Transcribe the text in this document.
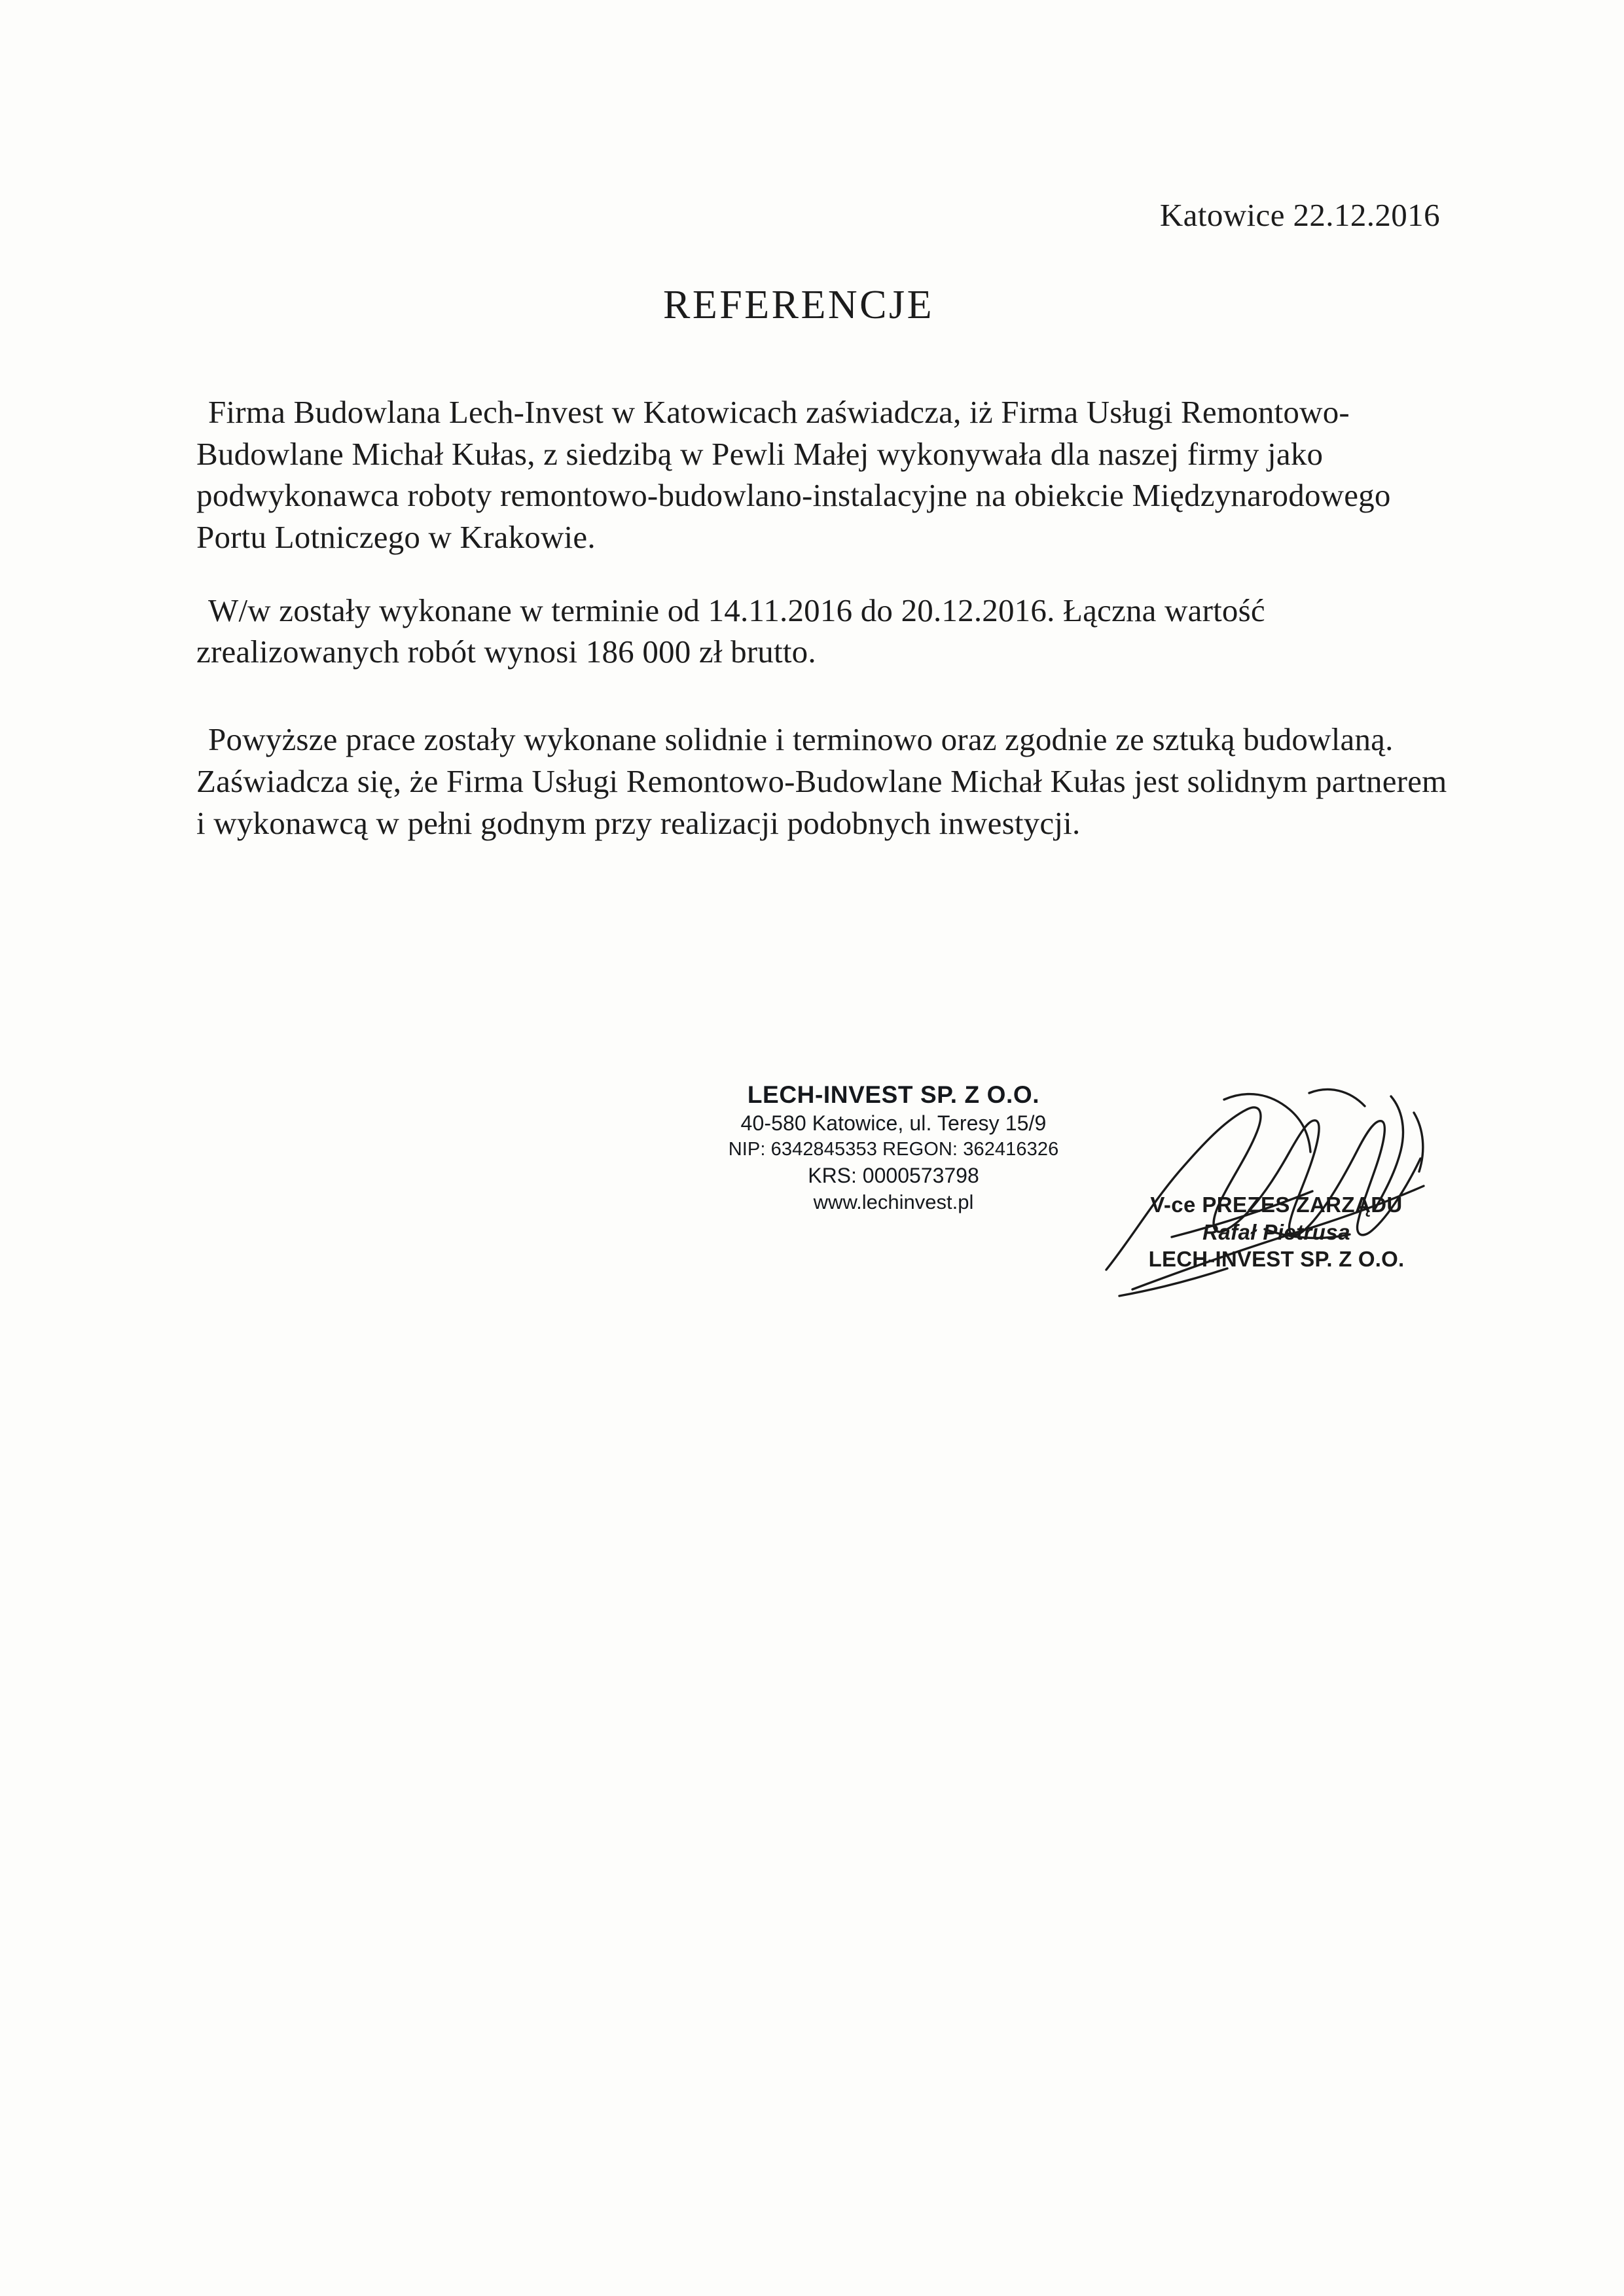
Katowice 22.12.2016
REFERENCJE

Firma Budowlana Lech-Invest w Katowicach zaświadcza, iż Firma Usługi Remontowo-Budowlane Michał Kułas, z siedzibą w Pewli Małej wykonywała dla naszej firmy jako podwykonawca roboty remontowo-budowlano-instalacyjne na obiekcie Międzynarodowego Portu Lotniczego w Krakowie.

W/w zostały wykonane w terminie od 14.11.2016 do 20.12.2016. Łączna wartość zrealizowanych robót wynosi 186 000 zł brutto.

Powyższe prace zostały wykonane solidnie i terminowo oraz zgodnie ze sztuką budowlaną. Zaświadcza się, że Firma Usługi Remontowo-Budowlane Michał Kułas jest solidnym partnerem i wykonawcą w pełni godnym przy realizacji podobnych inwestycji.

LECH-INVEST SP. Z O.O.
40-580 Katowice, ul. Teresy 15/9
NIP: 6342845353 REGON: 362416326
KRS: 0000573798
www.lechinvest.pl	V-ce PREZES ZARZĄDU
Rafał Pietrusa
LECH-INVEST SP. Z O.O.
